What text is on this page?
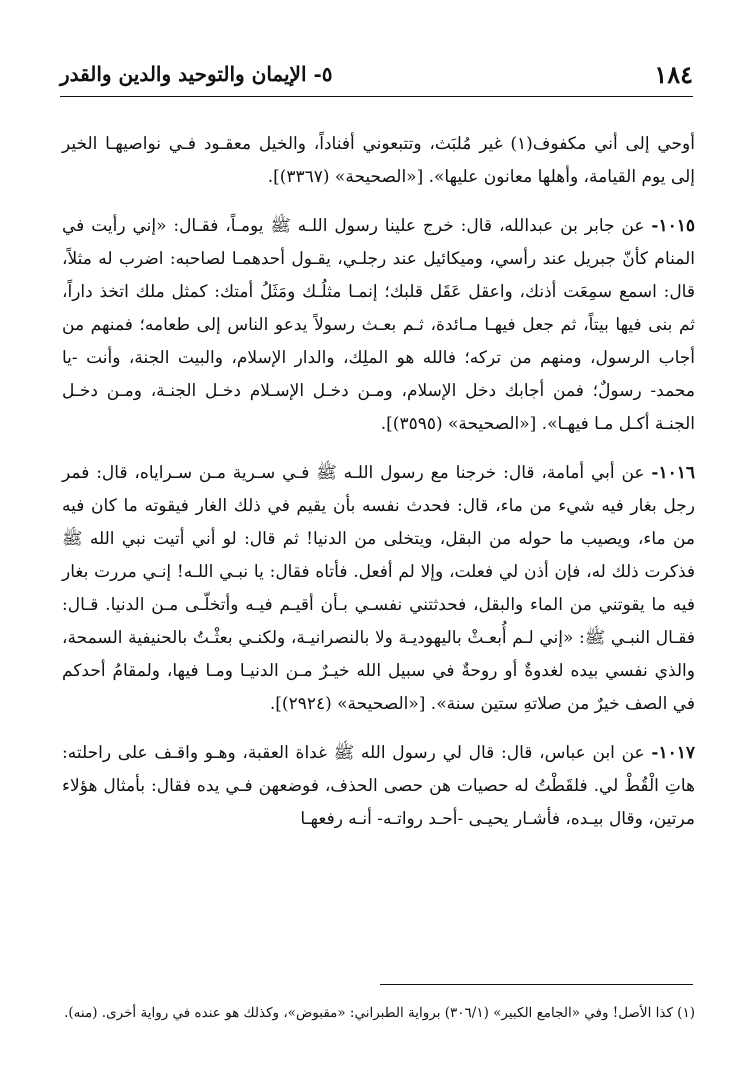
١٨٤
٥- الإيمان والتوحيد والدين والقدر

أوحي إلى أني مكفوف(١) غير مُلبَث، وتتبعوني أفناداً، والخيل معقـود فـي نواصيهـا الخير إلى يوم القيامة، وأهلها معانون عليها». [«الصحيحة» (٣٣٦٧)].

١٠١٥- عن جابر بن عبدالله، قال: خرج علينا رسول اللـه ﷺ يومـاً، فقـال: «إني رأيت في المنام كأنّ جبريل عند رأسي، وميكائيل عند رجلـي، يقـول أحدهمـا لصاحبه: اضرب له مثلاً، قال: اسمع سمِعَت أذنك، واعقل عَقَل قلبك؛ إنمـا مثلُـك ومَثَلُ أمتك: كمثل ملك اتخذ داراً، ثم بنى فيها بيتاً، ثم جعل فيهـا مـائدة، ثـم بعـث رسولاً يدعو الناس إلى طعامه؛ فمنهم من أجاب الرسول، ومنهم من تركه؛ فالله هو الملِك، والدار الإسلام، والبيت الجنة، وأنت -يا محمد- رسولٌ؛ فمن أجابك دخل الإسلام، ومـن دخـل الإسـلام دخـل الجنـة، ومـن دخـل الجنـة أكـل مـا فيهـا». [«الصحيحة» (٣٥٩٥)].

١٠١٦- عن أبي أمامة، قال: خرجنا مع رسول اللـه ﷺ فـي سـرية مـن سـراياه، قال: فمر رجل بغار فيه شيء من ماء، قال: فحدث نفسه بأن يقيم في ذلك الغار فيقوته ما كان فيه من ماء، ويصيب ما حوله من البقل، ويتخلى من الدنيا! ثم قال: لو أني أتيت نبي الله ﷺ فذكرت ذلك له، فإن أذن لي فعلت، وإلا لم أفعل. فأتاه فقال: يا نبـي اللـه! إنـي مررت بغار فيه ما يقوتني من الماء والبقل، فحدثتني نفسـي بـأن أقيـم فيـه وأتخلّـى مـن الدنيا. قـال: فقـال النبـي ﷺ: «إني لـم أُبعـثْ باليهوديـة ولا بالنصرانيـة، ولكنـي بعثْـتُ بالحنيفية السمحة، والذي نفسي بيده لغدوةٌ أو روحةٌ في سبيل الله خيـرٌ مـن الدنيـا ومـا فيها، ولمقامُ أحدكم في الصف خيرٌ من صلاتهِ ستين سنة». [«الصحيحة» (٢٩٢٤)].

١٠١٧- عن ابن عباس، قال: قال لي رسول الله ﷺ غداة العقبة، وهـو واقـف على راحلته: هاتِ الْقُطْ لي. فلقَطْتُ له حصيات هن حصى الحذف، فوضعهن فـي يده فقال: بأمثال هؤلاء مرتين، وقال بيـده، فأشـار يحيـى -أحـد رواتـه- أنـه رفعهـا

(١) كذا الأصل! وفي «الجامع الكبير» (٣٠٦/١) برواية الطبراني: «مقبوض»، وكذلك هو عنده في رواية أخرى. (منه).
